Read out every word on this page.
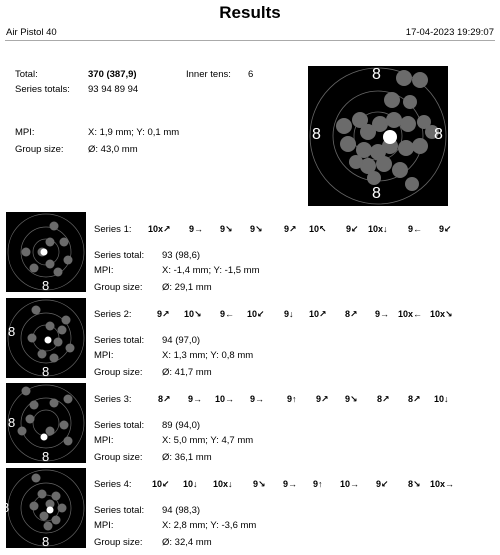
Results
Air Pistol 40	17-04-2023 19:29:07
Total:	370 (387,9)	Inner tens: 6
Series totals: 93 94 89 94
MPI:	X: 1,9 mm; Y: 0,1 mm
Group size:	Ø: 43,0 mm
8
8	8
8
8
Series 1: 10x↗ 9→ 9↘ 9↘ 9↗ 10↖ 9↙ 10x↓ 9← 9↙
Series total: 93 (98,6)
MPI:	X: -1,4 mm; Y: -1,5 mm
Group size: Ø: 29,1 mm
8
8
Series 2:	9↗ 10↘ 9← 10↙ 9↓ 10↗ 8↗ 9→ 10x← 10x↘
Series total: 94 (97,0)
MPI:	X: 1,3 mm; Y: 0,8 mm
Group size: Ø: 41,7 mm
8
8
Series 3:	8↗ 9→ 10→ 9→	9↑ 9↗ 9↘ 8↗ 8↗ 10↓
Series total: 89 (94,0)
MPI:	X: 5,0 mm; Y: 4,7 mm
Group size: Ø: 36,1 mm
8
8
Series 4: 10↙ 10↓ 10x↓ 9↘ 9→ 9↑ 10→ 9↙ 8↘ 10x→
Series total: 94 (98,3)
MPI:	X: 2,8 mm; Y: -3,6 mm
Group size: Ø: 32,4 mm
